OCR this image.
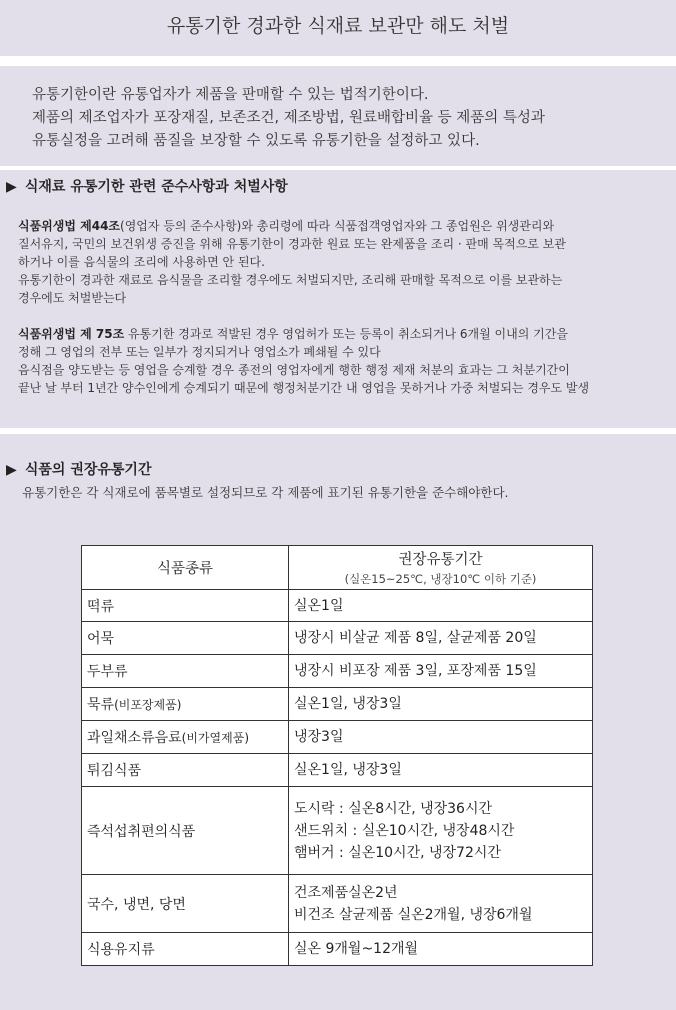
유통기한 경과한 식재료 보관만 해도 처벌
유통기한이란 유통업자가 제품을 판매할 수 있는 법적기한이다.
제품의 제조업자가 포장재질, 보존조건, 제조방법, 원료배합비율 등 제품의 특성과
유통실정을 고려해 품질을 보장할 수 있도록 유통기한을 설정하고 있다.
▶ 식재료 유통기한 관련 준수사항과 처벌사항
식품위생법 제44조(영업자 등의 준수사항)와 총리령에 따라 식품접객영업자와 그 종업원은 위생관리와
질서유지, 국민의 보건위생 증진을 위해 유통기한이 경과한 원료 또는 완제품을 조리 · 판매 목적으로 보관
하거나 이를 음식물의 조리에 사용하면 안 된다.
유통기한이 경과한 재료로 음식물을 조리할 경우에도 처벌되지만, 조리해 판매할 목적으로 이를 보관하는
경우에도 처벌받는다
식품위생법 제 75조 유통기한 경과로 적발된 경우 영업허가 또는 등록이 취소되거나 6개월 이내의 기간을
정해 그 영업의 전부 또는 일부가 정지되거나 영업소가 폐쇄될 수 있다
음식점을 양도받는 등 영업을 승계할 경우 종전의 영업자에게 행한 행정 제재 처분의 효과는 그 처분기간이
끝난 날 부터 1년간 양수인에게 승계되기 때문에 행정처분기간 내 영업을 못하거나 가중 처벌되는 경우도 발생
▶ 식품의 권장유통기간
유통기한은 각 식재로에 품목별로 설정되므로 각 제품에 표기된 유통기한을 준수해야한다.
식품종류	권장유통기간
(실온15~25℃, 냉장10℃ 이하 기준)

떡류	실온1일

어묵	냉장시 비살균 제품 8일, 살균제품 20일

두부류	냉장시 비포장 제품 3일, 포장제품 15일

묵류(비포장제품)	실온1일, 냉장3일

과일채소류음료(비가열제품)	냉장3일

튀김식품	실온1일, 냉장3일

즉석섭취편의식품	도시락 : 실온8시간, 냉장36시간
샌드위치 : 실온10시간, 냉장48시간
햄버거 : 실온10시간, 냉장72시간

국수, 냉면, 당면	건조제품실온2년
비건조 살균제품 실온2개월, 냉장6개월

식용유지류	실온 9개월~12개월
